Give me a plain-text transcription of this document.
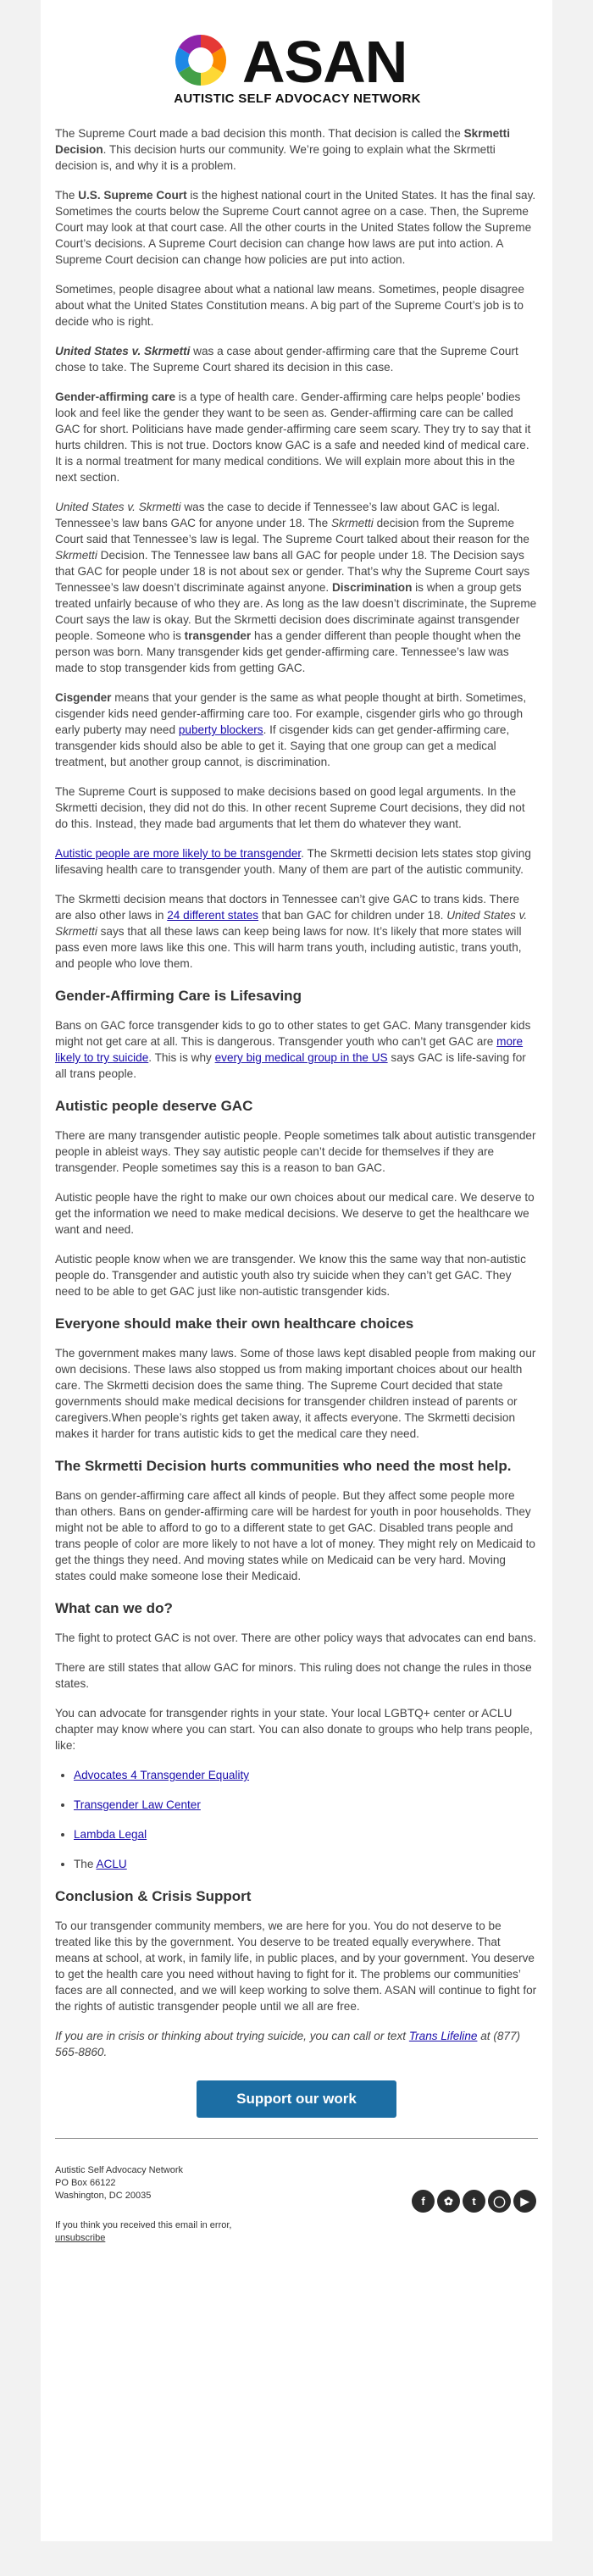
ASAN
AUTISTIC SELF ADVOCACY NETWORK

The Supreme Court made a bad decision this month. That decision is called the Skrmetti Decision. This decision hurts our community. We’re going to explain what the Skrmetti decision is, and why it is a problem.

The U.S. Supreme Court is the highest national court in the United States. It has the final say. Sometimes the courts below the Supreme Court cannot agree on a case. Then, the Supreme Court may look at that court case. All the other courts in the United States follow the Supreme Court’s decisions. A Supreme Court decision can change how laws are put into action. A Supreme Court decision can change how policies are put into action.

Sometimes, people disagree about what a national law means. Sometimes, people disagree about what the United States Constitution means. A big part of the Supreme Court’s job is to decide who is right.

United States v. Skrmetti was a case about gender-affirming care that the Supreme Court chose to take. The Supreme Court shared its decision in this case.

Gender-affirming care is a type of health care. Gender-affirming care helps people’ bodies look and feel like the gender they want to be seen as. Gender-affirming care can be called GAC for short. Politicians have made gender-affirming care seem scary. They try to say that it hurts children. This is not true. Doctors know GAC is a safe and needed kind of medical care. It is a normal treatment for many medical conditions. We will explain more about this in the next section.

United States v. Skrmetti was the case to decide if Tennessee’s law about GAC is legal. Tennessee’s law bans GAC for anyone under 18. The Skrmetti decision from the Supreme Court said that Tennessee’s law is legal. The Supreme Court talked about their reason for the Skrmetti Decision. The Tennessee law bans all GAC for people under 18. The Decision says that GAC for people under 18 is not about sex or gender. That’s why the Supreme Court says Tennessee’s law doesn’t discriminate against anyone. Discrimination is when a group gets treated unfairly because of who they are. As long as the law doesn’t discriminate, the Supreme Court says the law is okay. But the Skrmetti decision does discriminate against transgender people. Someone who is transgender has a gender different than people thought when the person was born. Many transgender kids get gender-affirming care. Tennessee’s law was made to stop transgender kids from getting GAC.

Cisgender means that your gender is the same as what people thought at birth. Sometimes, cisgender kids need gender-affirming care too. For example, cisgender girls who go through early puberty may need puberty blockers. If cisgender kids can get gender-affirming care, transgender kids should also be able to get it. Saying that one group can get a medical treatment, but another group cannot, is discrimination.

The Supreme Court is supposed to make decisions based on good legal arguments. In the Skrmetti decision, they did not do this. In other recent Supreme Court decisions, they did not do this. Instead, they made bad arguments that let them do whatever they want.

Autistic people are more likely to be transgender. The Skrmetti decision lets states stop giving lifesaving health care to transgender youth. Many of them are part of the autistic community.

The Skrmetti decision means that doctors in Tennessee can’t give GAC to trans kids. There are also other laws in 24 different states that ban GAC for children under 18. United States v. Skrmetti says that all these laws can keep being laws for now. It’s likely that more states will pass even more laws like this one. This will harm trans youth, including autistic, trans youth, and people who love them.

Gender-Affirming Care is Lifesaving

Bans on GAC force transgender kids to go to other states to get GAC. Many transgender kids might not get care at all. This is dangerous. Transgender youth who can’t get GAC are more likely to try suicide. This is why every big medical group in the US says GAC is life-saving for all trans people.

Autistic people deserve GAC

There are many transgender autistic people. People sometimes talk about autistic transgender people in ableist ways. They say autistic people can’t decide for themselves if they are transgender. People sometimes say this is a reason to ban GAC.

Autistic people have the right to make our own choices about our medical care. We deserve to get the information we need to make medical decisions. We deserve to get the healthcare we want and need.

Autistic people know when we are transgender. We know this the same way that non-autistic people do. Transgender and autistic youth also try suicide when they can’t get GAC. They need to be able to get GAC just like non-autistic transgender kids.

Everyone should make their own healthcare choices

The government makes many laws. Some of those laws kept disabled people from making our own decisions. These laws also stopped us from making important choices about our health care. The Skrmetti decision does the same thing. The Supreme Court decided that state governments should make medical decisions for transgender children instead of parents or caregivers.When people’s rights get taken away, it affects everyone. The Skrmetti decision makes it harder for trans autistic kids to get the medical care they need.

The Skrmetti Decision hurts communities who need the most help.

Bans on gender-affirming care affect all kinds of people. But they affect some people more than others. Bans on gender-affirming care will be hardest for youth in poor households. They might not be able to afford to go to a different state to get GAC. Disabled trans people and trans people of color are more likely to not have a lot of money. They might rely on Medicaid to get the things they need. And moving states while on Medicaid can be very hard. Moving states could make someone lose their Medicaid.

What can we do?

The fight to protect GAC is not over. There are other policy ways that advocates can end bans.

There are still states that allow GAC for minors. This ruling does not change the rules in those states.

You can advocate for transgender rights in your state. Your local LGBTQ+ center or ACLU chapter may know where you can start. You can also donate to groups who help trans people, like:

• Advocates 4 Transgender Equality
• Transgender Law Center
• Lambda Legal
• The ACLU
Conclusion & Crisis Support

To our transgender community members, we are here for you. You do not deserve to be treated like this by the government. You deserve to be treated equally everywhere. That means at school, at work, in family life, in public places, and by your government. You deserve to get the health care you need without having to fight for it. The problems our communities’ faces are all connected, and we will keep working to solve them. ASAN will continue to fight for the rights of autistic transgender people until we all are free.

If you are in crisis or thinking about trying suicide, you can call or text Trans Lifeline at (877) 565-8860.

Support our work
Autistic Self Advocacy Network
PO Box 66122
Washington, DC 20035
If you think you received this email in error,
unsubscribe
f ✿ t ◯ ▶
